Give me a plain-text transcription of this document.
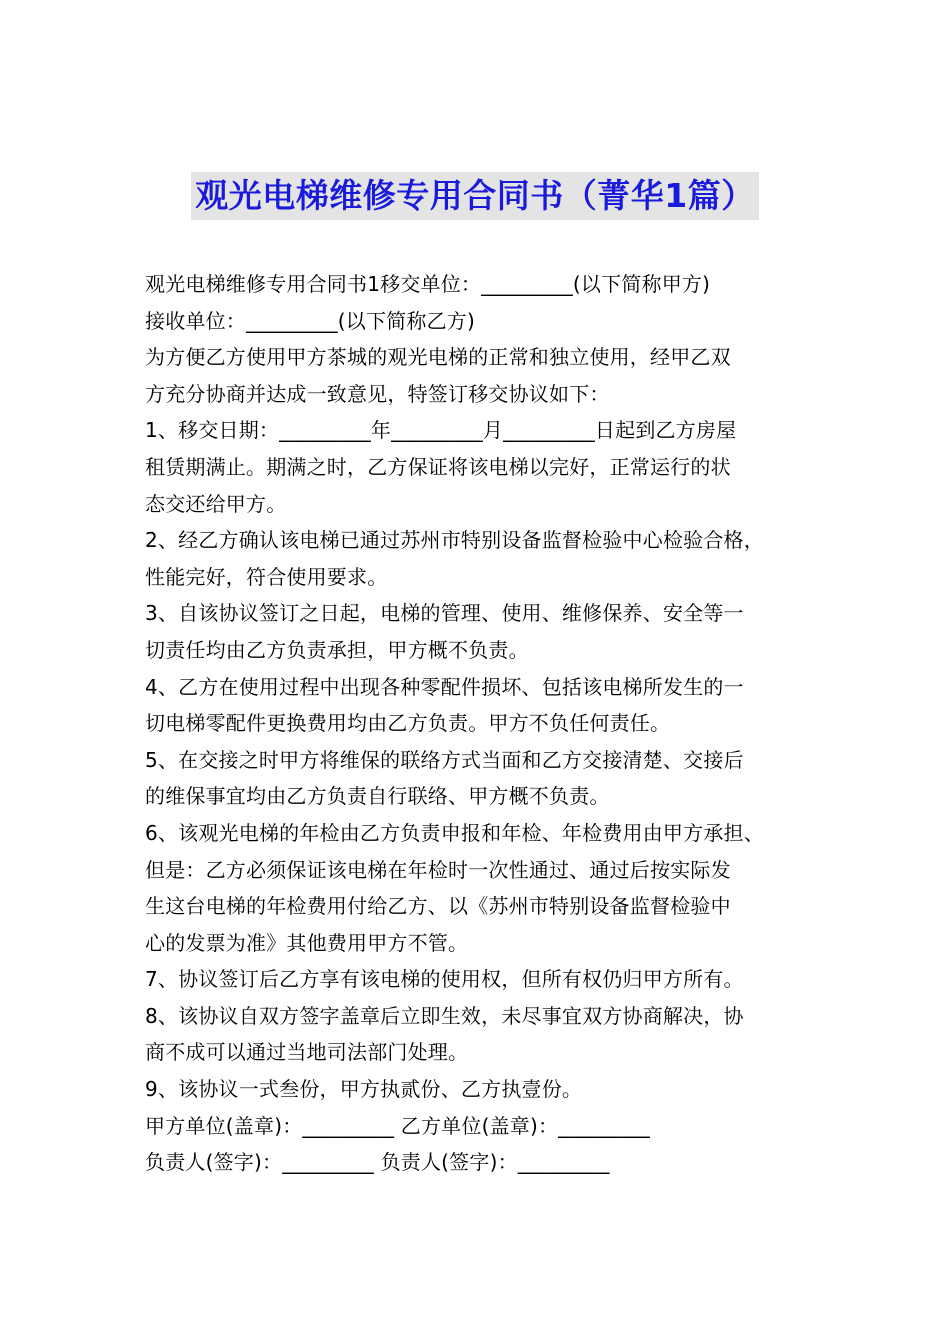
观光电梯维修专用合同书（菁华1篇）
观光电梯维修专用合同书1移交单位：_________(以下简称甲方)
接收单位：_________(以下简称乙方)
为方便乙方使用甲方茶城的观光电梯的正常和独立使用，经甲乙双
方充分协商并达成一致意见，特签订移交协议如下：
1、移交日期：_________年_________月_________日起到乙方房屋
租赁期满止。期满之时，乙方保证将该电梯以完好，正常运行的状
态交还给甲方。
2、经乙方确认该电梯已通过苏州市特别设备监督检验中心检验合格，
性能完好，符合使用要求。
3、自该协议签订之日起，电梯的管理、使用、维修保养、安全等一
切责任均由乙方负责承担，甲方概不负责。
4、乙方在使用过程中出现各种零配件损坏、包括该电梯所发生的一
切电梯零配件更换费用均由乙方负责。甲方不负任何责任。
5、在交接之时甲方将维保的联络方式当面和乙方交接清楚、交接后
的维保事宜均由乙方负责自行联络、甲方概不负责。
6、该观光电梯的年检由乙方负责申报和年检、年检费用由甲方承担、
但是：乙方必须保证该电梯在年检时一次性通过、通过后按实际发
生这台电梯的年检费用付给乙方、以《苏州市特别设备监督检验中
心的发票为准》其他费用甲方不管。
7、协议签订后乙方享有该电梯的使用权，但所有权仍归甲方所有。
8、该协议自双方签字盖章后立即生效，未尽事宜双方协商解决，协
商不成可以通过当地司法部门处理。
9、该协议一式叁份，甲方执贰份、乙方执壹份。
甲方单位(盖章)：_________ 乙方单位(盖章)：_________
负责人(签字)：_________ 负责人(签字)：_________
